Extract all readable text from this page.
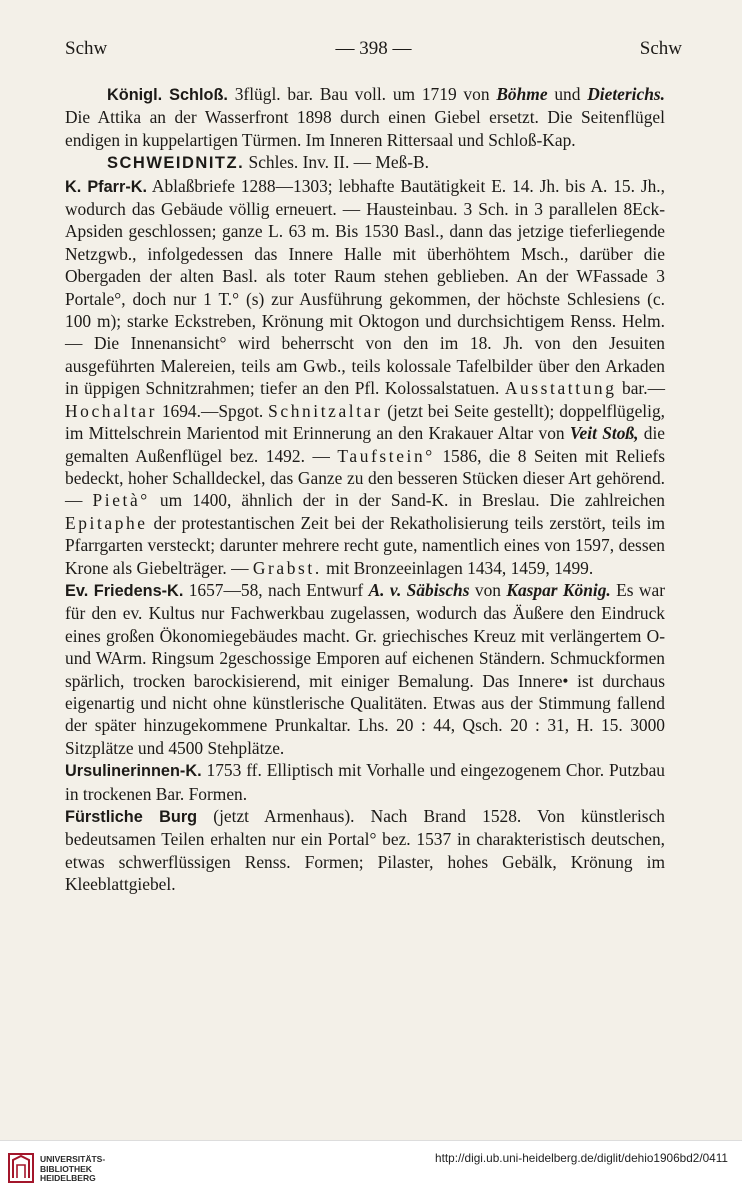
Schw	— 398 —	Schw

Königl. Schloß. 3flügl. bar. Bau voll. um 1719 von Böhme und Dieterichs. Die Attika an der Wasserfront 1898 durch einen Giebel ersetzt. Die Seitenflügel endigen in kuppelartigen Türmen. Im Inneren Rittersaal und Schloß-Kap.

SCHWEIDNITZ. Schles. Inv. II. — Meß-B.

K. Pfarr-K. Ablaßbriefe 1288—1303; lebhafte Bautätigkeit E. 14. Jh. bis A. 15. Jh., wodurch das Gebäude völlig erneuert. — Hausteinbau. 3 Sch. in 3 parallelen 8Eck-Apsiden geschlossen; ganze L. 63 m. Bis 1530 Basl., dann das jetzige tieferliegende Netzgwb., infolgedessen das Innere Halle mit überhöhtem Msch., darüber die Obergaden der alten Basl. als toter Raum stehen geblieben. An der WFassade 3 Portale°, doch nur 1 T.° (s) zur Ausführung gekommen, der höchste Schlesiens (c. 100 m); starke Eckstreben, Krönung mit Oktogon und durchsichtigem Renss. Helm. — Die Innenansicht° wird beherrscht von den im 18. Jh. von den Jesuiten ausgeführten Malereien, teils am Gwb., teils kolossale Tafelbilder über den Arkaden in üppigen Schnitzrahmen; tiefer an den Pfl. Kolossalstatuen. Ausstattung bar.—Hochaltar 1694.—Spgot. Schnitzaltar (jetzt bei Seite gestellt); doppelflügelig, im Mittelschrein Marientod mit Erinnerung an den Krakauer Altar von Veit Stoß, die gemalten Außenflügel bez. 1492. — Taufstein° 1586, die 8 Seiten mit Reliefs bedeckt, hoher Schalldeckel, das Ganze zu den besseren Stücken dieser Art gehörend. — Pietà° um 1400, ähnlich der in der Sand-K. in Breslau. Die zahlreichen Epitaphe der protestantischen Zeit bei der Rekatholisierung teils zerstört, teils im Pfarrgarten versteckt; darunter mehrere recht gute, namentlich eines von 1597, dessen Krone als Giebelträger. — Grabst. mit Bronzeeinlagen 1434, 1459, 1499.

Ev. Friedens-K. 1657—58, nach Entwurf A. v. Säbischs von Kaspar König. Es war für den ev. Kultus nur Fachwerkbau zugelassen, wodurch das Äußere den Eindruck eines großen Ökonomiegebäudes macht. Gr. griechisches Kreuz mit verlängertem O- und WArm. Ringsum 2geschossige Emporen auf eichenen Ständern. Schmuckformen spärlich, trocken barockisierend, mit einiger Bemalung. Das Innere• ist durchaus eigenartig und nicht ohne künstlerische Qualitäten. Etwas aus der Stimmung fallend der später hinzugekommene Prunkaltar. Lhs. 20 : 44, Qsch. 20 : 31, H. 15. 3000 Sitzplätze und 4500 Stehplätze.

Ursulinerinnen-K. 1753 ff. Elliptisch mit Vorhalle und eingezogenem Chor. Putzbau in trockenen Bar. Formen.

Fürstliche Burg (jetzt Armenhaus). Nach Brand 1528. Von künstlerisch bedeutsamen Teilen erhalten nur ein Portal° bez. 1537 in charakteristisch deutschen, etwas schwerflüssigen Renss. Formen; Pilaster, hohes Gebälk, Krönung im Kleeblattgiebel.

UNIVERSITÄTS-
BIBLIOTHEK
HEIDELBERG
http://digi.ub.uni-heidelberg.de/diglit/dehio1906bd2/0411
